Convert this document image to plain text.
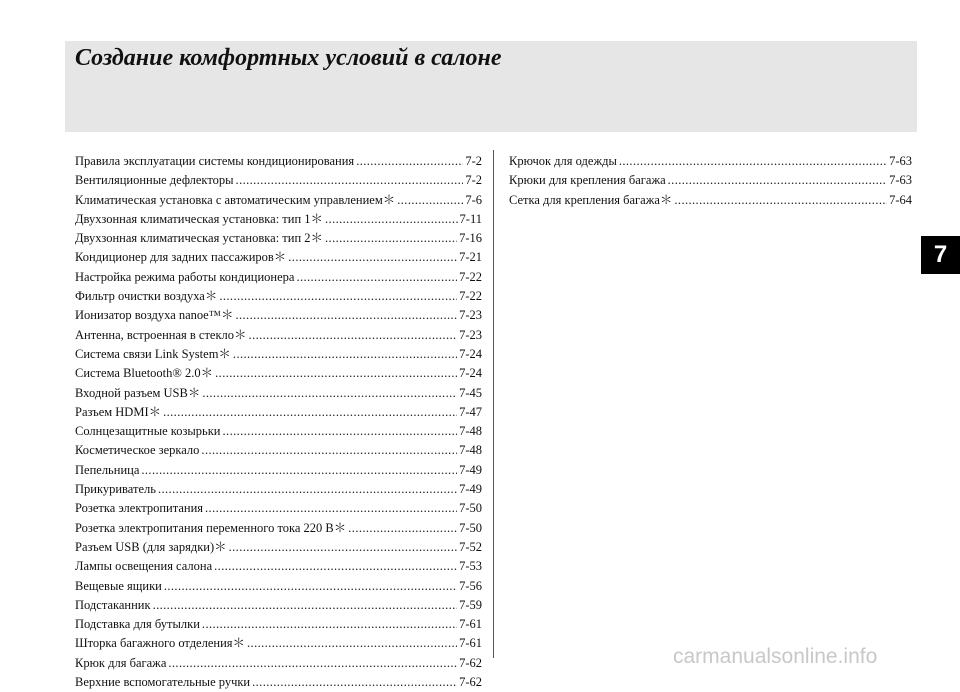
Создание комфортных условий в салоне
7
Правила эксплуатации системы кондиционирования .....	7-2
Вентиляционные дефлекторы .....	7-2
Климатическая установка с автоматическим управлением＊ .....	7-6
Двухзонная климатическая установка: тип 1＊ .....	7-11
Двухзонная климатическая установка: тип 2＊ .....	7-16
Кондиционер для задних пассажиров＊ .....	7-21
Настройка режима работы кондиционера .....	7-22
Фильтр очистки воздуха＊ .....	7-22
Ионизатор воздуха nanoe™＊ .....	7-23
Антенна, встроенная в стекло＊ .....	7-23
Система связи Link System＊ .....	7-24
Система Bluetooth® 2.0＊ .....	7-24
Входной разъем USB＊ .....	7-45
Разъем HDMI＊ .....	7-47
Солнцезащитные козырьки .....	7-48
Косметическое зеркало .....	7-48
Пепельница .....	7-49
Прикуриватель .....	7-49
Розетка электропитания .....	7-50
Розетка электропитания переменного тока 220 В＊ .....	7-50
Разъем USB (для зарядки)＊ .....	7-52
Лампы освещения салона .....	7-53
Вещевые ящики .....	7-56
Подстаканник .....	7-59
Подставка для бутылки .....	7-61
Шторка багажного отделения＊ .....	7-61
Крюк для багажа .....	7-62
Верхние вспомогательные ручки .....	7-62
Крючок для одежды .....	7-63
Крюки для крепления багажа .....	7-63
Сетка для крепления багажа＊ .....	7-64
carmanualsonline.info
